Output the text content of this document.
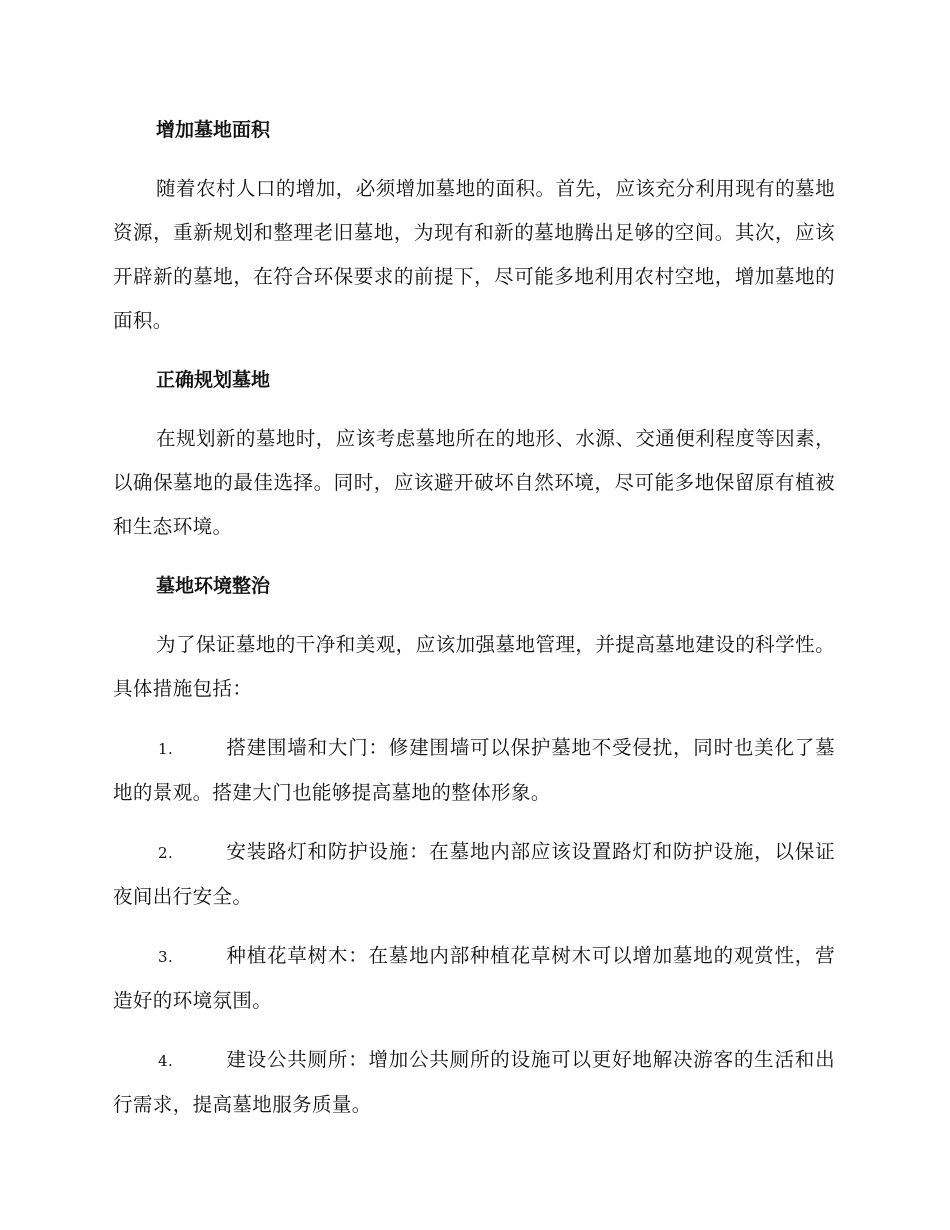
增加墓地面积

随着农村人口的增加，必须增加墓地的面积。首先，应该充分利用现有的墓地资源，重新规划和整理老旧墓地，为现有和新的墓地腾出足够的空间。其次，应该开辟新的墓地，在符合环保要求的前提下，尽可能多地利用农村空地，增加墓地的面积。

正确规划墓地

在规划新的墓地时，应该考虑墓地所在的地形、水源、交通便利程度等因素，以确保墓地的最佳选择。同时，应该避开破坏自然环境，尽可能多地保留原有植被和生态环境。

墓地环境整治

为了保证墓地的干净和美观，应该加强墓地管理，并提高墓地建设的科学性。具体措施包括：

1.	搭建围墙和大门：修建围墙可以保护墓地不受侵扰，同时也美化了墓地的景观。搭建大门也能够提高墓地的整体形象。
2.	安装路灯和防护设施：在墓地内部应该设置路灯和防护设施，以保证夜间出行安全。
3.	种植花草树木：在墓地内部种植花草树木可以增加墓地的观赏性，营造好的环境氛围。
4.	建设公共厕所：增加公共厕所的设施可以更好地解决游客的生活和出行需求，提高墓地服务质量。
